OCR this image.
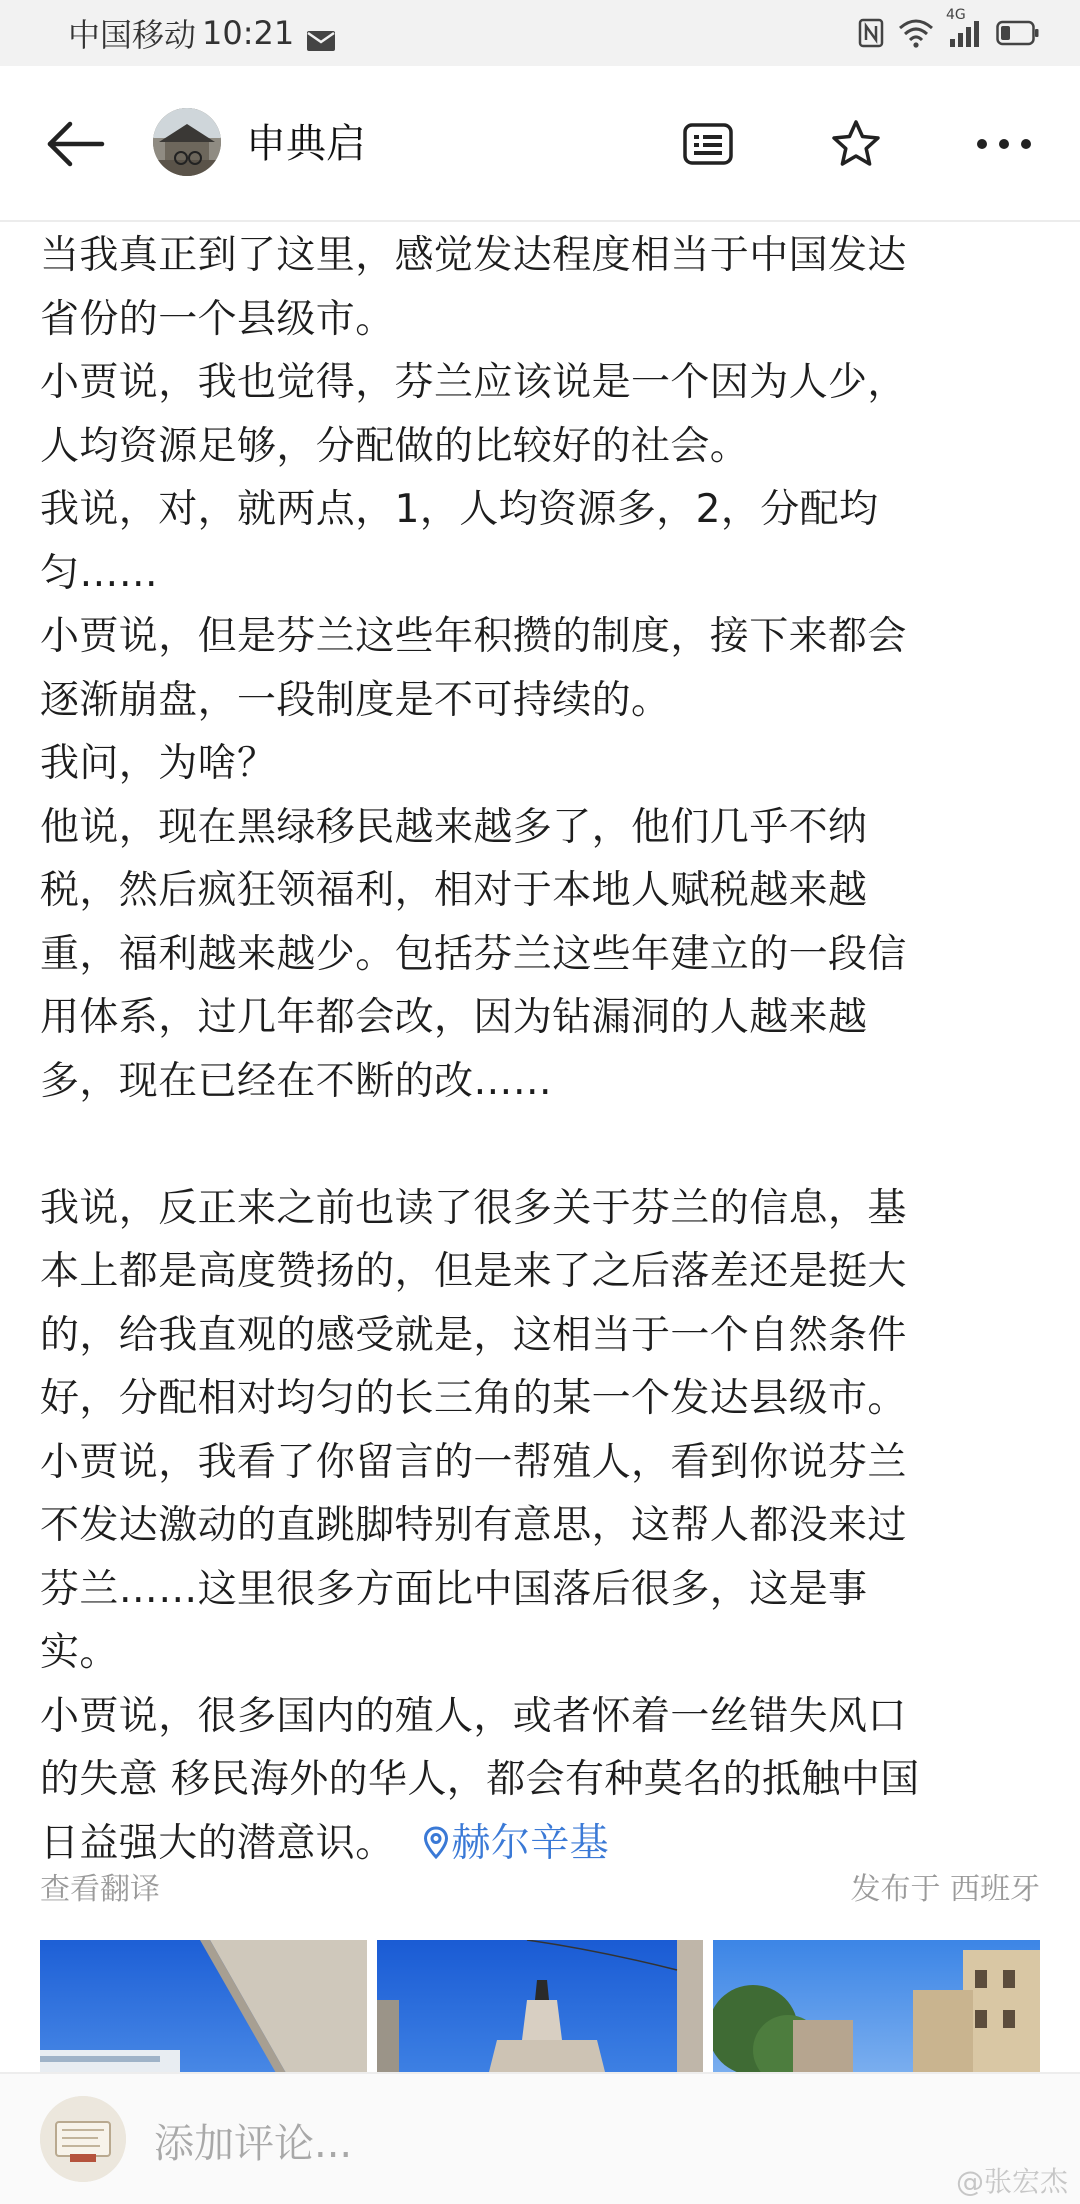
中国移动 10:21	4G
申典启
当我真正到了这里，感觉发达程度相当于中国发达
省份的一个县级市。
小贾说，我也觉得，芬兰应该说是一个因为人少，
人均资源足够，分配做的比较好的社会。
我说，对，就两点，1，人均资源多，2，分配均
匀……
小贾说，但是芬兰这些年积攒的制度，接下来都会
逐渐崩盘，一段制度是不可持续的。
我问，为啥？
他说，现在黑绿移民越来越多了，他们几乎不纳
税，然后疯狂领福利，相对于本地人赋税越来越
重，福利越来越少。包括芬兰这些年建立的一段信
用体系，过几年都会改，因为钻漏洞的人越来越
多，现在已经在不断的改……
我说，反正来之前也读了很多关于芬兰的信息，基
本上都是高度赞扬的，但是来了之后落差还是挺大
的，给我直观的感受就是，这相当于一个自然条件
好，分配相对均匀的长三角的某一个发达县级市。
小贾说，我看了你留言的一帮殖人，看到你说芬兰
不发达激动的直跳脚特别有意思，这帮人都没来过
芬兰……这里很多方面比中国落后很多，这是事
实。
小贾说，很多国内的殖人，或者怀着一丝错失风口
的失意 移民海外的华人，都会有种莫名的抵触中国
日益强大的潜意识。 赫尔辛基
查看翻译	发布于 西班牙
添加评论...
@张宏杰
